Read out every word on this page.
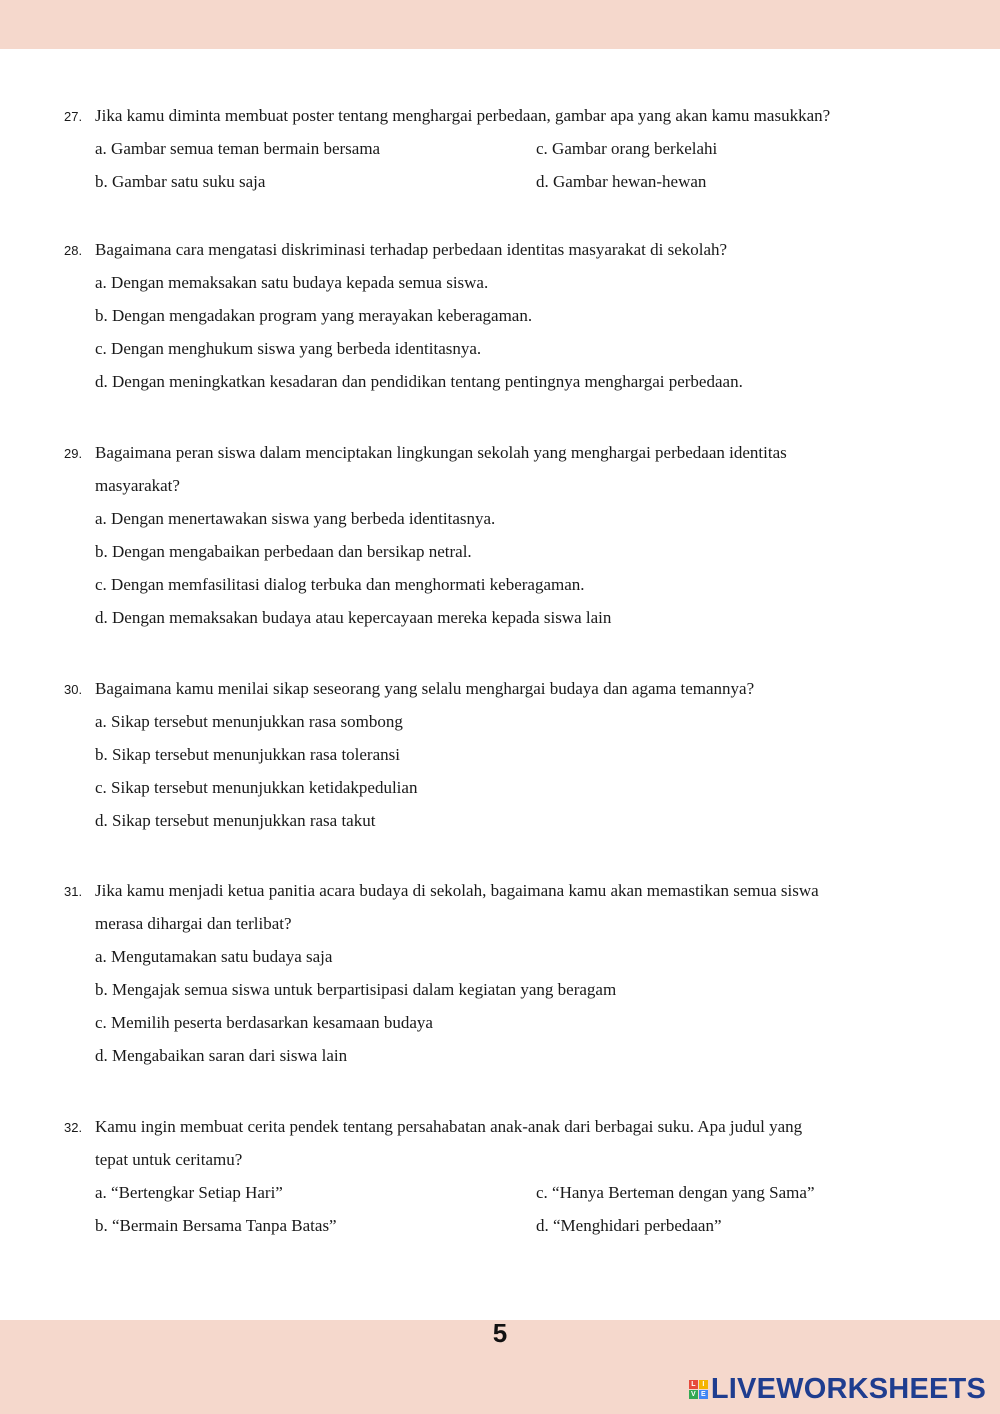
27. Jika kamu diminta membuat poster tentang menghargai perbedaan, gambar apa yang akan kamu masukkan?
a. Gambar semua teman bermain bersama	c. Gambar orang berkelahi
b. Gambar satu suku saja	d. Gambar hewan-hewan
28. Bagaimana cara mengatasi diskriminasi terhadap perbedaan identitas masyarakat di sekolah?
a. Dengan memaksakan satu budaya kepada semua siswa.
b. Dengan mengadakan program yang merayakan keberagaman.
c. Dengan menghukum siswa yang berbeda identitasnya.
d. Dengan meningkatkan kesadaran dan pendidikan tentang pentingnya menghargai perbedaan.
29. Bagaimana peran siswa dalam menciptakan lingkungan sekolah yang menghargai perbedaan identitas
masyarakat?
a. Dengan menertawakan siswa yang berbeda identitasnya.
b. Dengan mengabaikan perbedaan dan bersikap netral.
c. Dengan memfasilitasi dialog terbuka dan menghormati keberagaman.
d. Dengan memaksakan budaya atau kepercayaan mereka kepada siswa lain
30. Bagaimana kamu menilai sikap seseorang yang selalu menghargai budaya dan agama temannya?
a. Sikap tersebut menunjukkan rasa sombong
b. Sikap tersebut menunjukkan rasa toleransi
c. Sikap tersebut menunjukkan ketidakpedulian
d. Sikap tersebut menunjukkan rasa takut
31. Jika kamu menjadi ketua panitia acara budaya di sekolah, bagaimana kamu akan memastikan semua siswa
merasa dihargai dan terlibat?
a. Mengutamakan satu budaya saja
b. Mengajak semua siswa untuk berpartisipasi dalam kegiatan yang beragam
c. Memilih peserta berdasarkan kesamaan budaya
d. Mengabaikan saran dari siswa lain
32. Kamu ingin membuat cerita pendek tentang persahabatan anak-anak dari berbagai suku. Apa judul yang
tepat untuk ceritamu?
a. “Bertengkar Setiap Hari”	c. “Hanya Berteman dengan yang Sama”
b. “Bermain Bersama Tanpa Batas”	d. “Menghidari perbedaan”
5
L I
V E LIVEWORKSHEETS
